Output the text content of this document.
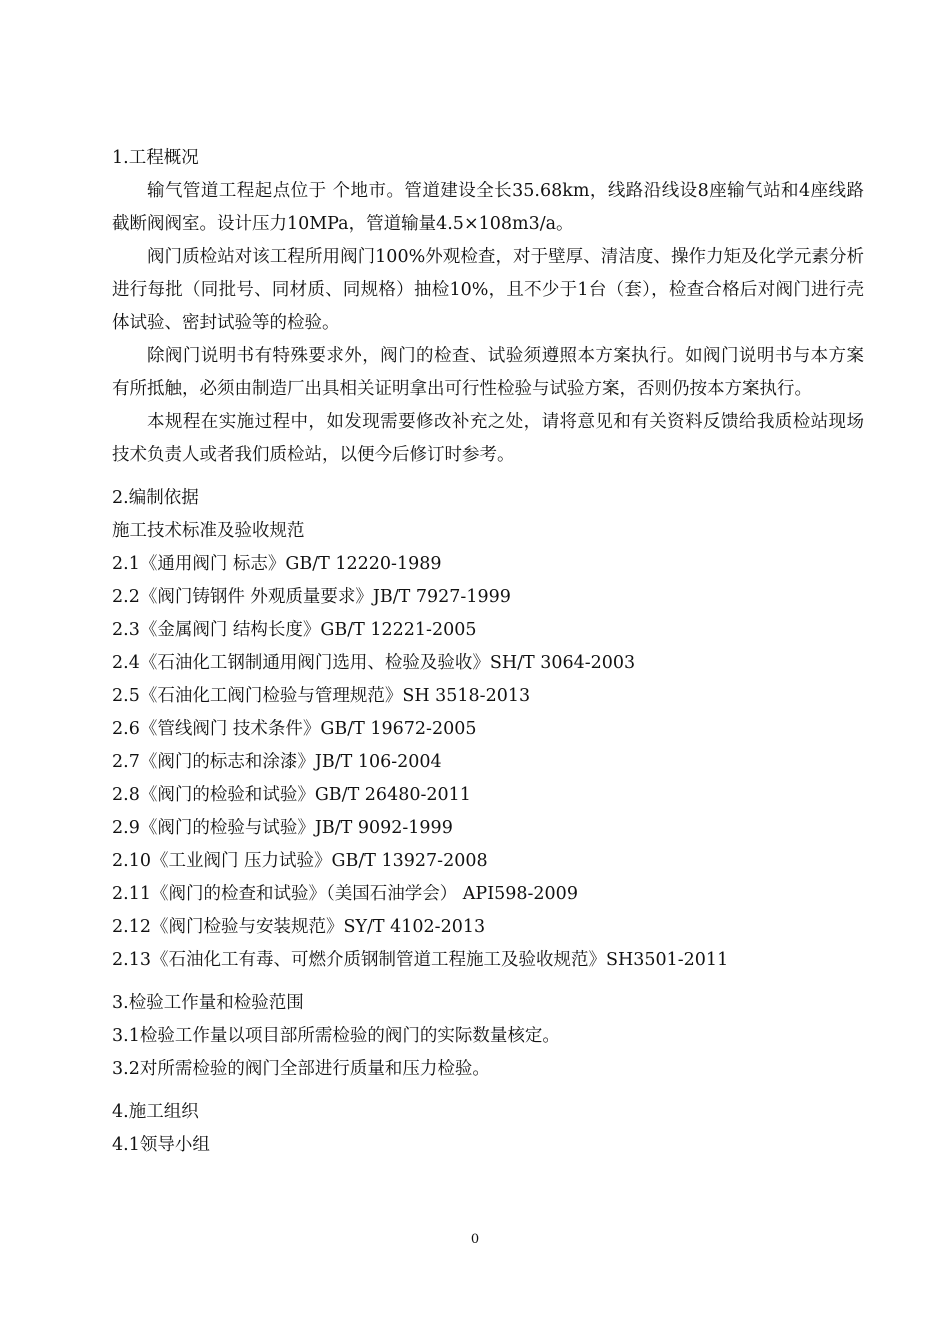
1.工程概况
输气管道工程起点位于 个地市。管道建设全长35.68km，线路沿线设8座输气站和4座线路截断阀阀室。设计压力10MPa，管道输量4.5×108m3/a。
阀门质检站对该工程所用阀门100%外观检查，对于壁厚、清洁度、操作力矩及化学元素分析进行每批（同批号、同材质、同规格）抽检10%，且不少于1台（套），检查合格后对阀门进行壳体试验、密封试验等的检验。
除阀门说明书有特殊要求外，阀门的检查、试验须遵照本方案执行。如阀门说明书与本方案有所抵触，必须由制造厂出具相关证明拿出可行性检验与试验方案，否则仍按本方案执行。
本规程在实施过程中，如发现需要修改补充之处，请将意见和有关资料反馈给我质检站现场技术负责人或者我们质检站，以便今后修订时参考。
2.编制依据
施工技术标准及验收规范
2.1《通用阀门 标志》GB/T 12220-1989
2.2《阀门铸钢件 外观质量要求》JB/T 7927-1999
2.3《金属阀门 结构长度》GB/T 12221-2005
2.4《石油化工钢制通用阀门选用、检验及验收》SH/T 3064-2003
2.5《石油化工阀门检验与管理规范》SH 3518-2013
2.6《管线阀门 技术条件》GB/T 19672-2005
2.7《阀门的标志和涂漆》JB/T 106-2004
2.8《阀门的检验和试验》GB/T 26480-2011
2.9《阀门的检验与试验》JB/T 9092-1999
2.10《工业阀门 压力试验》GB/T 13927-2008
2.11《阀门的检查和试验》（美国石油学会） API598-2009
2.12《阀门检验与安装规范》SY/T 4102-2013
2.13《石油化工有毒、可燃介质钢制管道工程施工及验收规范》SH3501-2011
3.检验工作量和检验范围
3.1检验工作量以项目部所需检验的阀门的实际数量核定。
3.2对所需检验的阀门全部进行质量和压力检验。
4.施工组织
4.1领导小组
0
